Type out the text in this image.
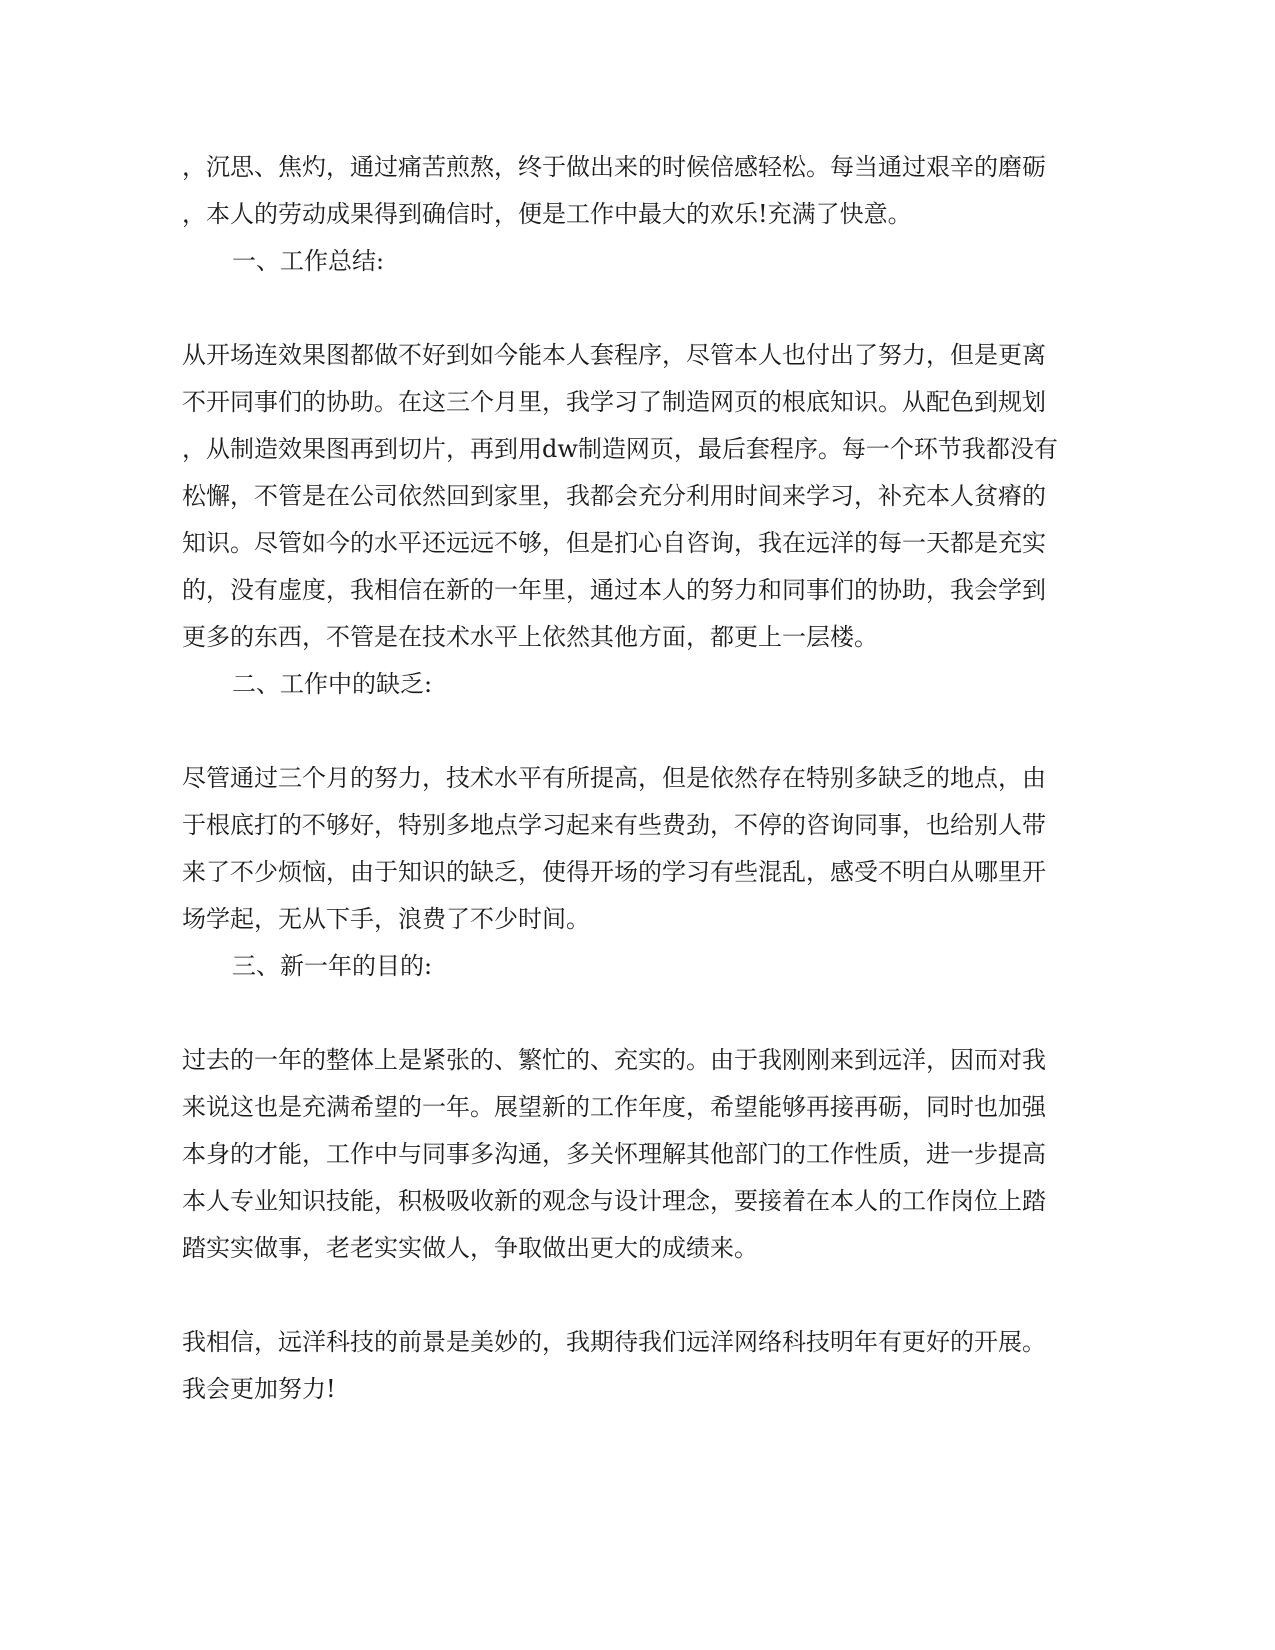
，沉思、焦灼，通过痛苦煎熬，终于做出来的时候倍感轻松。每当通过艰辛的磨砺

，本人的劳动成果得到确信时，便是工作中最大的欢乐!充满了快意。

一、工作总结:

从开场连效果图都做不好到如今能本人套程序，尽管本人也付出了努力，但是更离

不开同事们的协助。在这三个月里，我学习了制造网页的根底知识。从配色到规划

，从制造效果图再到切片，再到用dw制造网页，最后套程序。每一个环节我都没有

松懈，不管是在公司依然回到家里，我都会充分利用时间来学习，补充本人贫瘠的

知识。尽管如今的水平还远远不够，但是扪心自咨询，我在远洋的每一天都是充实

的，没有虚度，我相信在新的一年里，通过本人的努力和同事们的协助，我会学到

更多的东西，不管是在技术水平上依然其他方面，都更上一层楼。

二、工作中的缺乏:

尽管通过三个月的努力，技术水平有所提高，但是依然存在特别多缺乏的地点，由

于根底打的不够好，特别多地点学习起来有些费劲，不停的咨询同事，也给别人带

来了不少烦恼，由于知识的缺乏，使得开场的学习有些混乱，感受不明白从哪里开

场学起，无从下手，浪费了不少时间。

三、新一年的目的:

过去的一年的整体上是紧张的、繁忙的、充实的。由于我刚刚来到远洋，因而对我

来说这也是充满希望的一年。展望新的工作年度，希望能够再接再砺，同时也加强

本身的才能，工作中与同事多沟通，多关怀理解其他部门的工作性质，进一步提高

本人专业知识技能，积极吸收新的观念与设计理念，要接着在本人的工作岗位上踏

踏实实做事，老老实实做人，争取做出更大的成绩来。

我相信，远洋科技的前景是美妙的，我期待我们远洋网络科技明年有更好的开展。

我会更加努力!
